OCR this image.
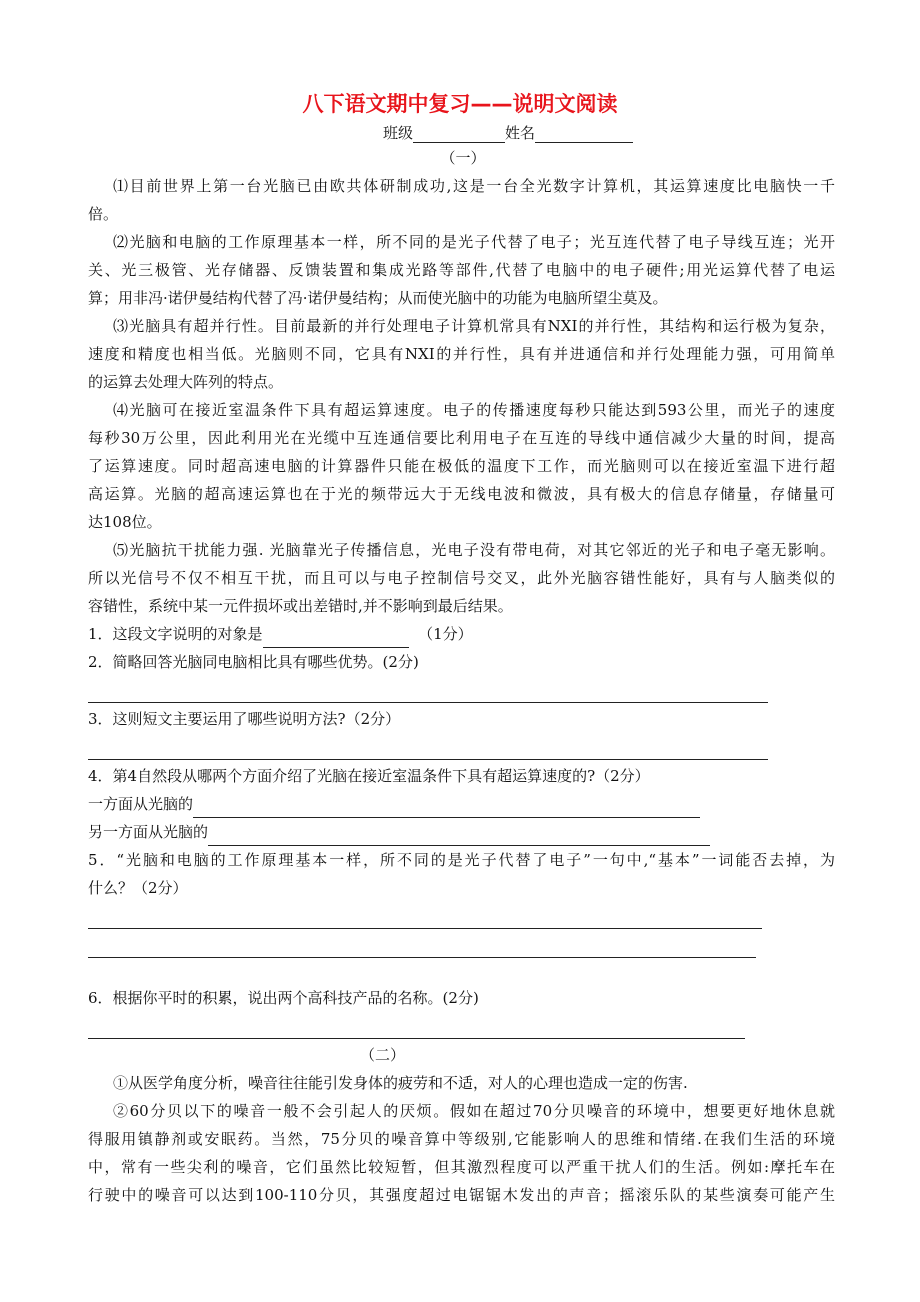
八下语文期中复习——说明文阅读
班级	姓名
（一）
⑴目前世界上第一台光脑已由欧共体研制成功,这是一台全光数字计算机，其运算速度比电脑快一千
倍。
⑵光脑和电脑的工作原理基本一样，所不同的是光子代替了电子；光互连代替了电子导线互连；光开
关、光三极管、光存储器、反馈装置和集成光路等部件,代替了电脑中的电子硬件;用光运算代替了电运
算；用非冯·诺伊曼结构代替了冯·诺伊曼结构；从而使光脑中的功能为电脑所望尘莫及。
⑶光脑具有超并行性。目前最新的并行处理电子计算机常具有NXI的并行性，其结构和运行极为复杂，
速度和精度也相当低。光脑则不同，它具有NXI的并行性，具有并进通信和并行处理能力强，可用简单
的运算去处理大阵列的特点。
⑷光脑可在接近室温条件下具有超运算速度。电子的传播速度每秒只能达到593公里，而光子的速度
每秒30万公里，因此利用光在光缆中互连通信要比利用电子在互连的导线中通信减少大量的时间，提高
了运算速度。同时超高速电脑的计算器件只能在极低的温度下工作，而光脑则可以在接近室温下进行超
高运算。光脑的超高速运算也在于光的频带远大于无线电波和微波，具有极大的信息存储量，存储量可
达108位。
⑸光脑抗干扰能力强. 光脑靠光子传播信息，光电子没有带电荷，对其它邻近的光子和电子毫无影响。
所以光信号不仅不相互干扰，而且可以与电子控制信号交叉，此外光脑容错性能好，具有与人脑类似的
容错性，系统中某一元件损坏或出差错时,并不影响到最后结果。
1．这段文字说明的对象是	（1分）
2．简略回答光脑同电脑相比具有哪些优势。(2分)
3．这则短文主要运用了哪些说明方法?（2分）
4．第4自然段从哪两个方面介绍了光脑在接近室温条件下具有超运算速度的?（2分）
一方面从光脑的
另一方面从光脑的
5．“光脑和电脑的工作原理基本一样，所不同的是光子代替了电子”一句中,“基本”一词能否去掉，为
什么？（2分）
6．根据你平时的积累，说出两个高科技产品的名称。(2分)
（二）
①从医学角度分析，噪音往往能引发身体的疲劳和不适，对人的心理也造成一定的伤害.
②60分贝以下的噪音一般不会引起人的厌烦。假如在超过70分贝噪音的环境中，想要更好地休息就
得服用镇静剂或安眠药。当然，75分贝的噪音算中等级别,它能影响人的思维和情绪.在我们生活的环境
中，常有一些尖利的噪音，它们虽然比较短暂，但其激烈程度可以严重干扰人们的生活。例如:摩托车在
行驶中的噪音可以达到100-110分贝，其强度超过电锯锯木发出的声音；摇滚乐队的某些演奏可能产生
